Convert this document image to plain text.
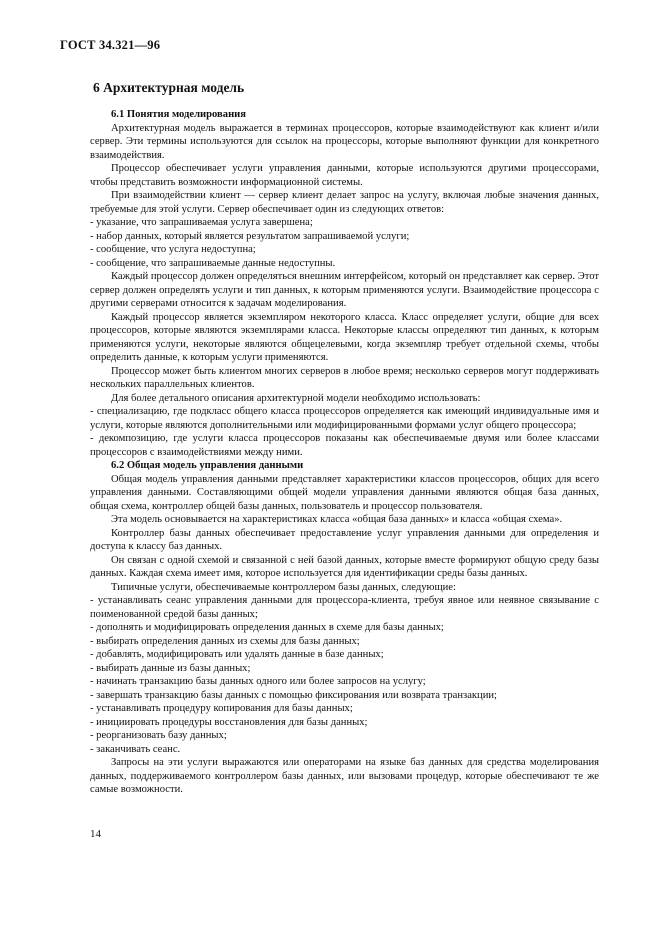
ГОСТ 34.321—96
6 Архитектурная модель
6.1 Понятия моделирования
Архитектурная модель выражается в терминах процессоров, которые взаимодействуют как клиент и/или сервер. Эти термины используются для ссылок на процессоры, которые выполняют функции для конкретного взаимодействия.
Процессор обеспечивает услуги управления данными, которые используются другими процессорами, чтобы представить возможности информационной системы.
При взаимодействии клиент — сервер клиент делает запрос на услугу, включая любые значения данных, требуемые для этой услуги. Сервер обеспечивает один из следующих ответов:
- указание, что запрашиваемая услуга завершена;
- набор данных, который является результатом запрашиваемой услуги;
- сообщение, что услуга недоступна;
- сообщение, что запрашиваемые данные недоступны.
Каждый процессор должен определяться внешним интерфейсом, который он представляет как сервер. Этот сервер должен определять услуги и тип данных, к которым применяются услуги. Взаимодействие процессора с другими серверами относится к задачам моделирования.
Каждый процессор является экземпляром некоторого класса. Класс определяет услуги, общие для всех процессоров, которые являются экземплярами класса. Некоторые классы определяют тип данных, к которым применяются услуги, некоторые являются общецелевыми, когда экземпляр требует отдельной схемы, чтобы определить данные, к которым услуги применяются.
Процессор может быть клиентом многих серверов в любое время; несколько серверов могут поддерживать нескольких параллельных клиентов.
Для более детального описания архитектурной модели необходимо использовать:
- специализацию, где подкласс общего класса процессоров определяется как имеющий индивидуальные имя и услуги, которые являются дополнительными или модифицированными формами услуг общего процессора;
- декомпозицию, где услуги класса процессоров показаны как обеспечиваемые двумя или более классами процессоров с взаимодействиями между ними.
6.2 Общая модель управления данными
Общая модель управления данными представляет характеристики классов процессоров, общих для всего управления данными. Составляющими общей модели управления данными являются общая база данных, общая схема, контроллер общей базы данных, пользователь и процессор пользователя.
Эта модель основывается на характеристиках класса «общая база данных» и класса «общая схема».
Контроллер базы данных обеспечивает предоставление услуг управления данными для определения и доступа к классу баз данных.
Он связан с одной схемой и связанной с ней базой данных, которые вместе формируют общую среду базы данных. Каждая схема имеет имя, которое используется для идентификации среды базы данных.
Типичные услуги, обеспечиваемые контроллером базы данных, следующие:
- устанавливать сеанс управления данными для процессора-клиента, требуя явное или неявное связывание с поименованной средой базы данных;
- дополнять и модифицировать определения данных в схеме для базы данных;
- выбирать определения данных из схемы для базы данных;
- добавлять, модифицировать или удалять данные в базе данных;
- выбирать данные из базы данных;
- начинать транзакцию базы данных одного или более запросов на услугу;
- завершать транзакцию базы данных с помощью фиксирования или возврата транзакции;
- устанавливать процедуру копирования для базы данных;
- инициировать процедуры восстановления для базы данных;
- реорганизовать базу данных;
- заканчивать сеанс.
Запросы на эти услуги выражаются или операторами на языке баз данных для средства моделирования данных, поддерживаемого контроллером базы данных, или вызовами процедур, которые обеспечивают те же самые возможности.
14
